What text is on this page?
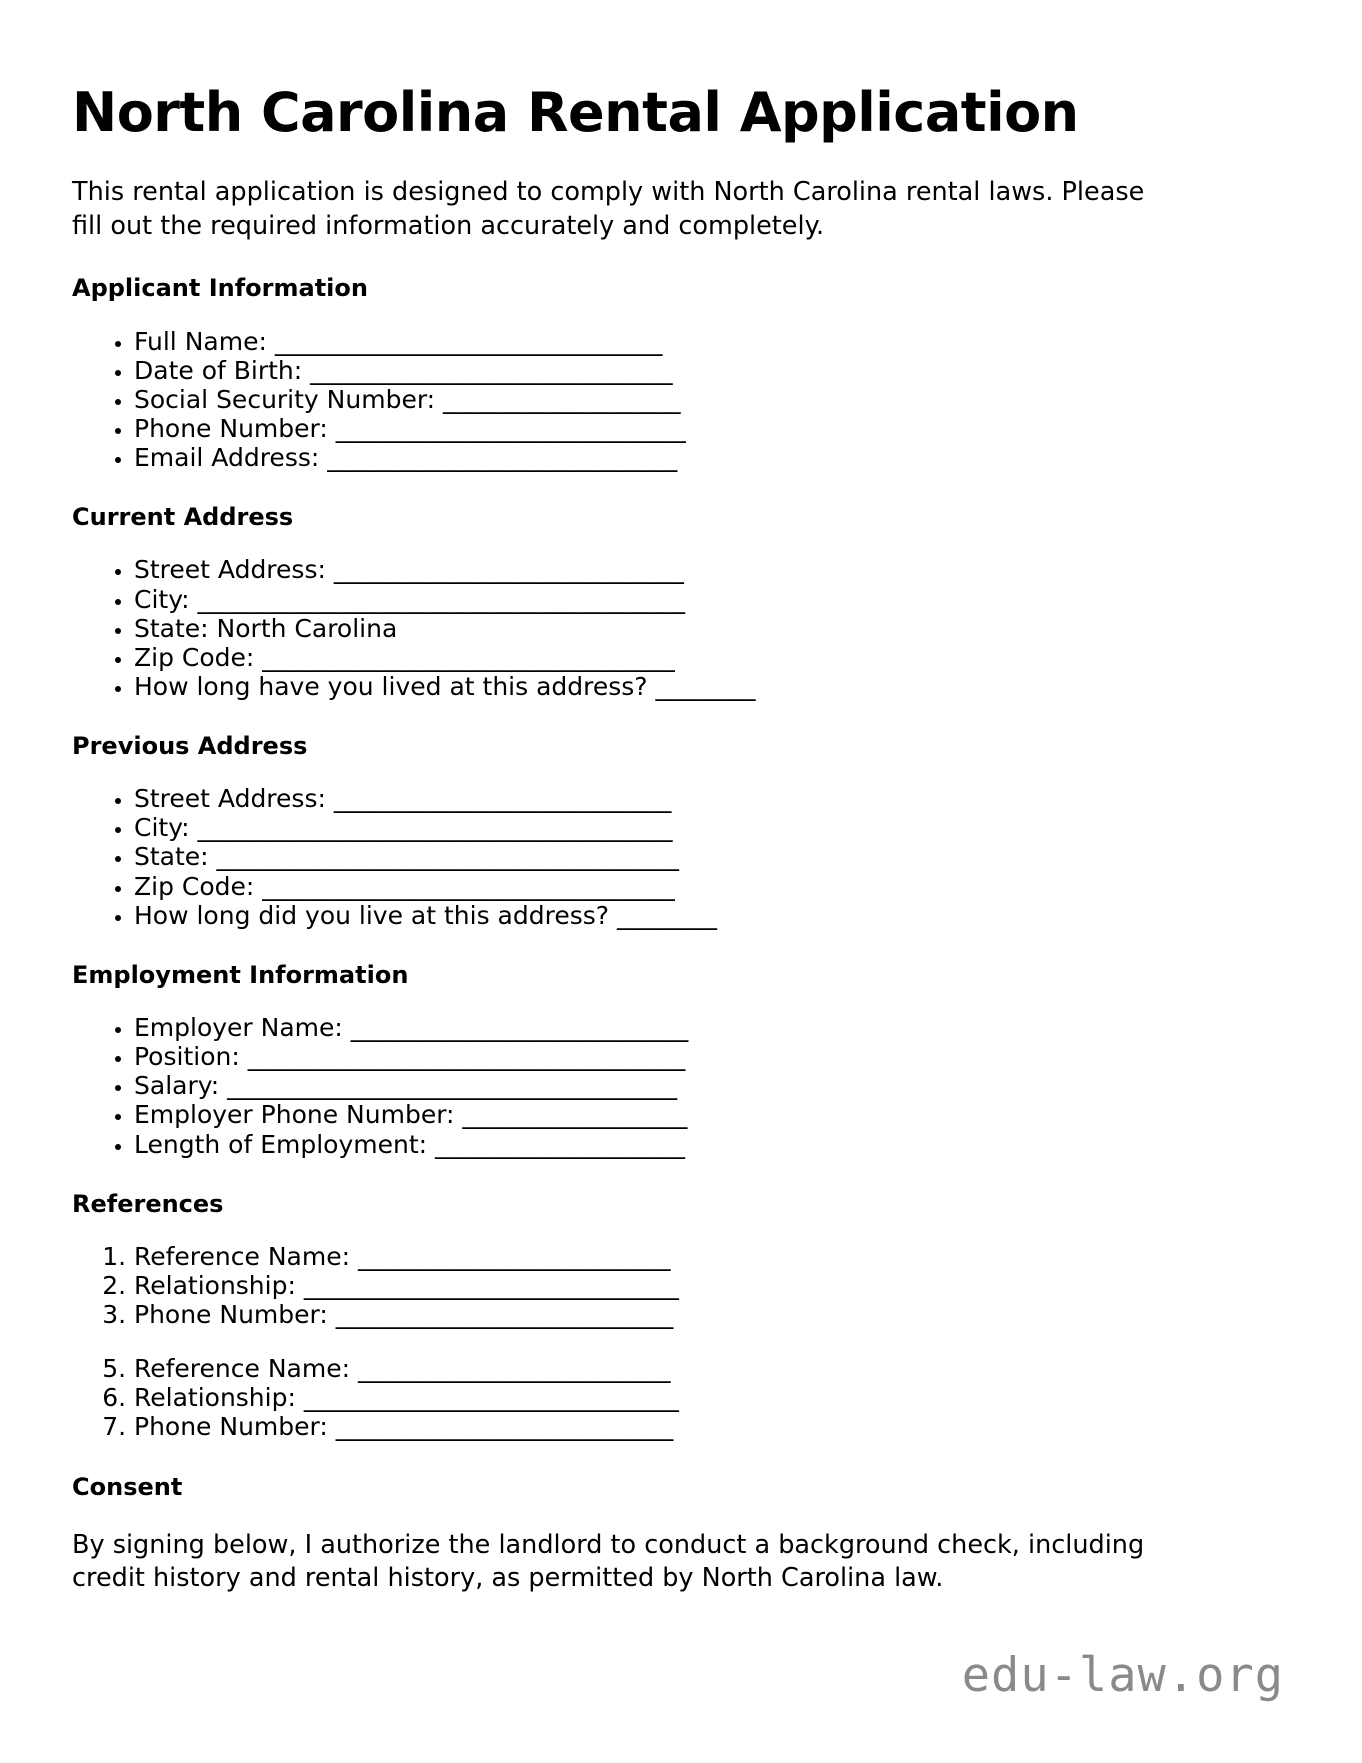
North Carolina Rental Application

This rental application is designed to comply with North Carolina rental laws. Please fill out the required information accurately and completely.

Applicant Information
• Full Name: _______________________________
• Date of Birth: _____________________________
• Social Security Number: ___________________
• Phone Number: ____________________________
• Email Address: ____________________________
Current Address
• Street Address: ____________________________
• City: _______________________________________
• State: North Carolina
• Zip Code: _________________________________
• How long have you lived at this address? ________
Previous Address
• Street Address: ___________________________
• City: ______________________________________
• State: _____________________________________
• Zip Code: _________________________________
• How long did you live at this address? ________
Employment Information
• Employer Name: ___________________________
• Position: ___________________________________
• Salary: ____________________________________
• Employer Phone Number: __________________
• Length of Employment: ____________________
References
1. Reference Name: _________________________
2. Relationship: ______________________________
3. Phone Number: ___________________________
5. Reference Name: _________________________
6. Relationship: ______________________________
7. Phone Number: ___________________________
Consent

By signing below, I authorize the landlord to conduct a background check, including credit history and rental history, as permitted by North Carolina law.

edu-law.org
